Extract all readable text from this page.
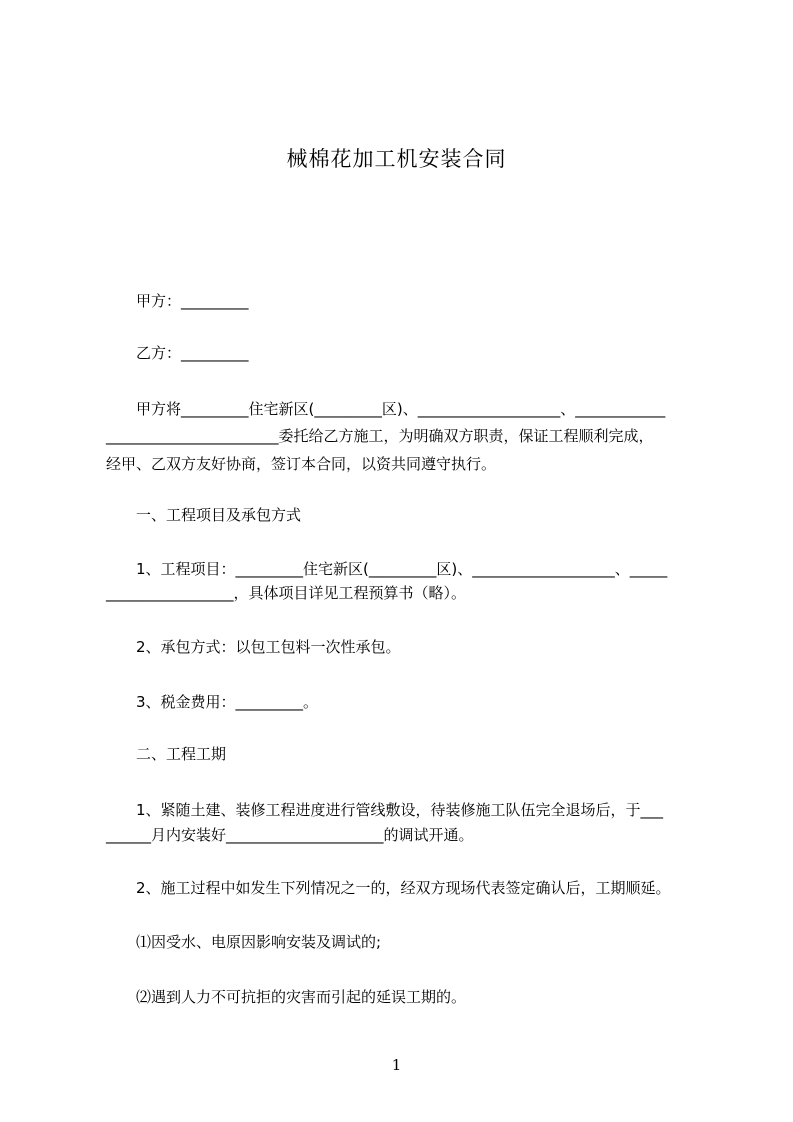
械棉花加工机安装合同
甲方：_________
乙方：_________
甲方将_________住宅新区(_________区)、___________________、____________
_______________________委托给乙方施工，为明确双方职责，保证工程顺利完成，
经甲、乙双方友好协商，签订本合同，以资共同遵守执行。
一、工程项目及承包方式
1、工程项目：_________住宅新区(_________区)、___________________、_____
_________________，具体项目详见工程预算书（略）。
2、承包方式：以包工包料一次性承包。
3、税金费用：_________。
二、工程工期
1、紧随土建、装修工程进度进行管线敷设，待装修施工队伍完全退场后，于___
______月内安装好_____________________的调试开通。
2、施工过程中如发生下列情况之一的，经双方现场代表签定确认后，工期顺延。
⑴因受水、电原因影响安装及调试的;
⑵遇到人力不可抗拒的灾害而引起的延误工期的。
1
